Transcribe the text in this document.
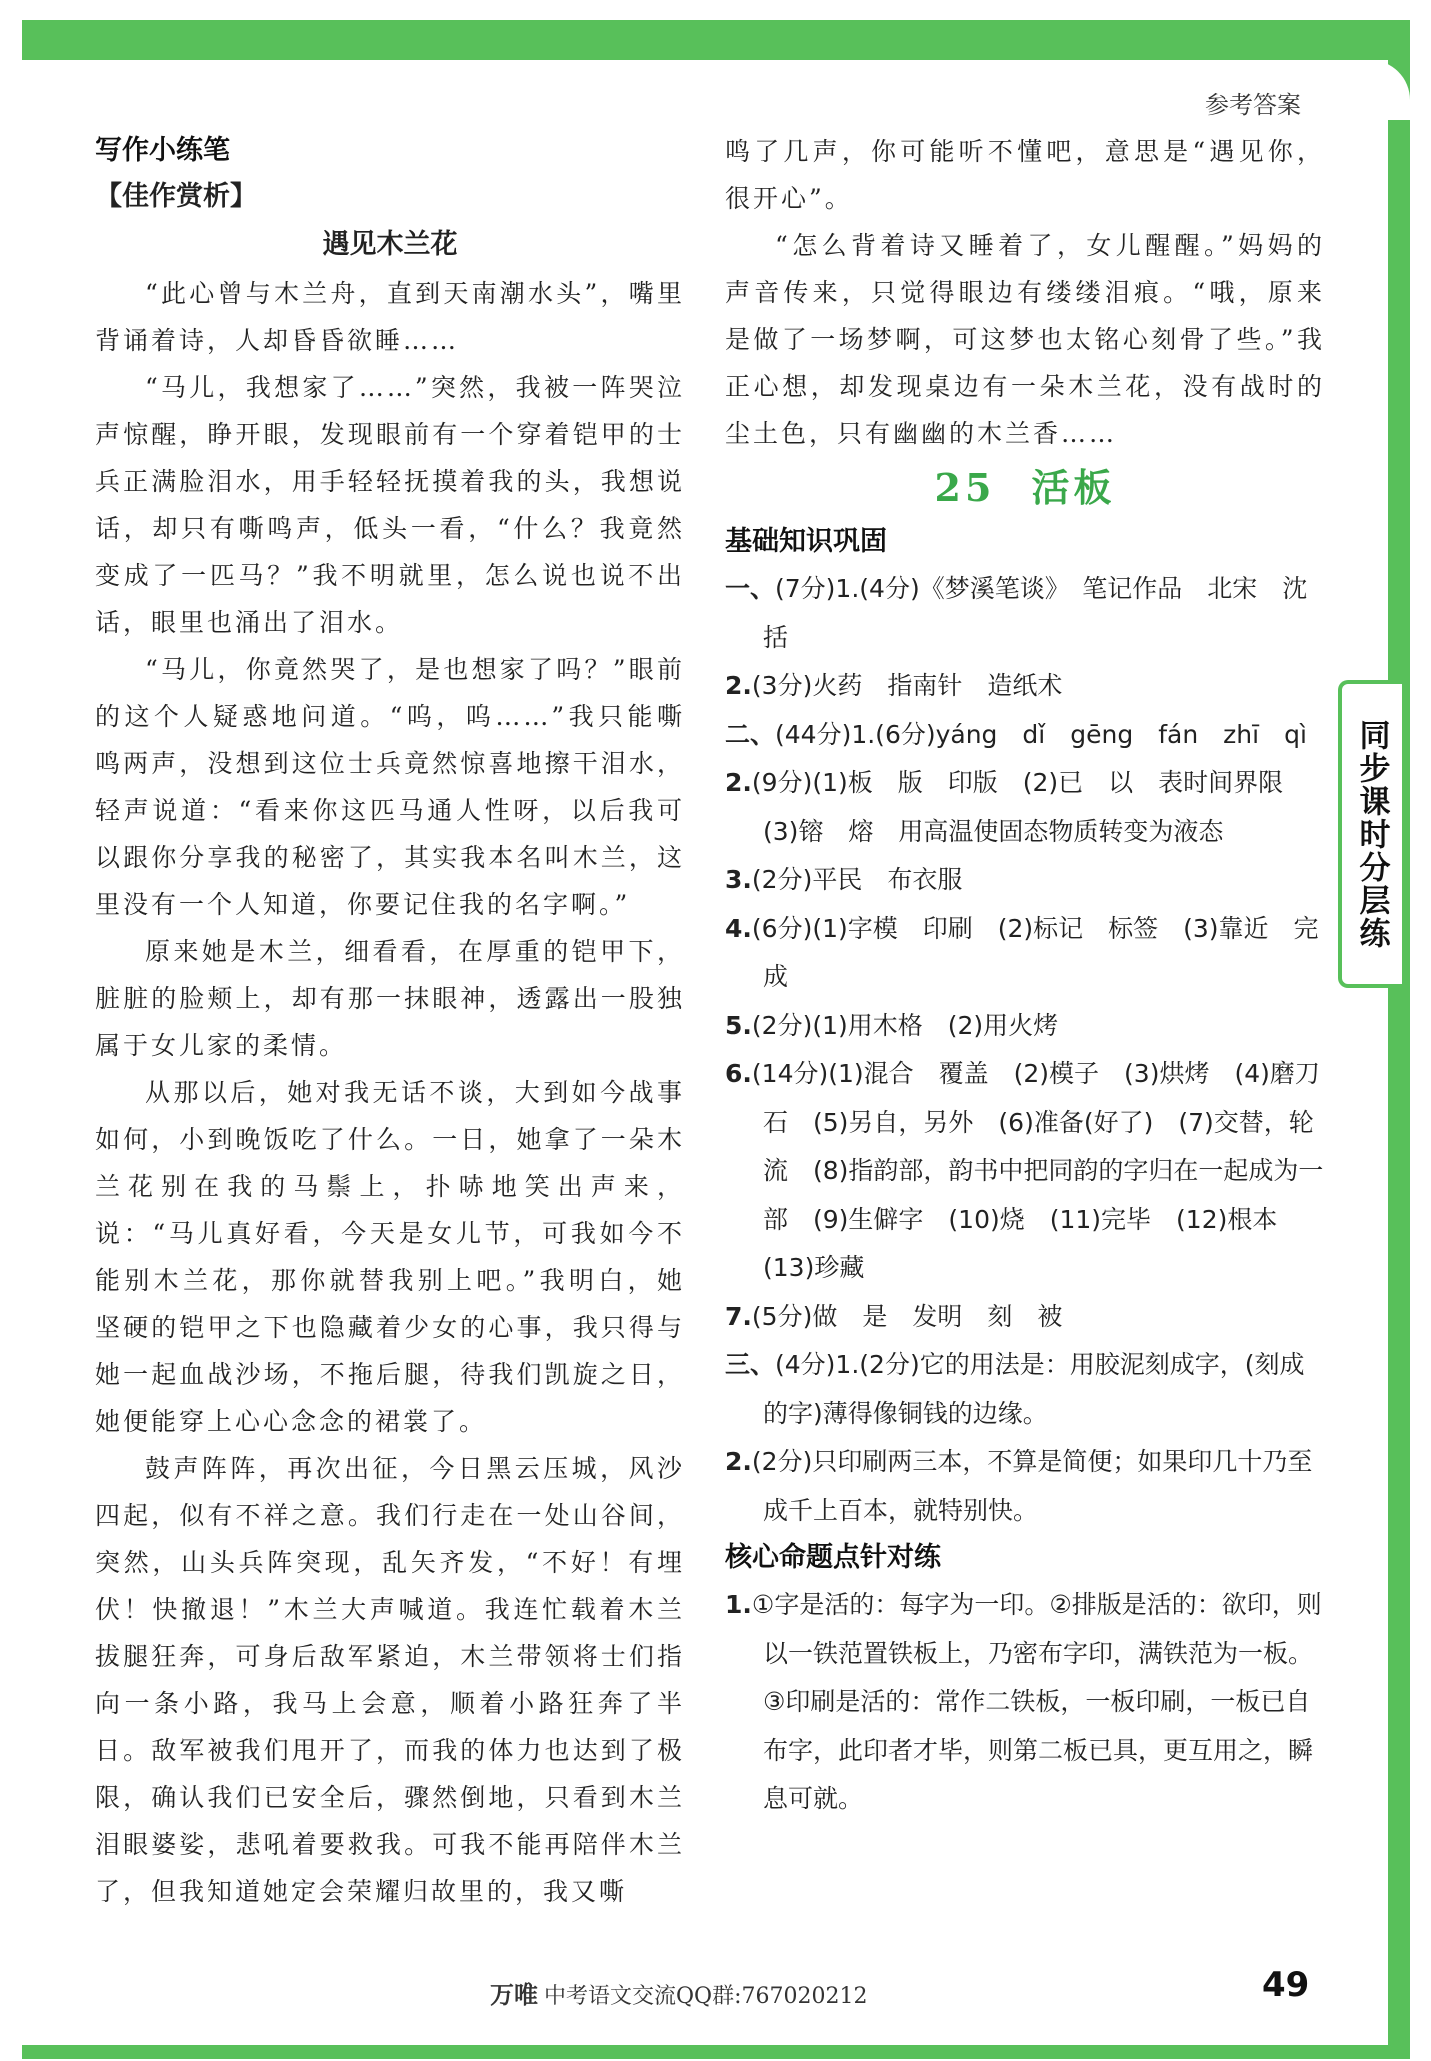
参考答案
同步课时分层练
写作小练笔
【佳作赏析】
遇见木兰花

“此心曾与木兰舟，直到天南潮水头”，嘴里背诵着诗，人却昏昏欲睡……

“马儿，我想家了……”突然，我被一阵哭泣声惊醒，睁开眼，发现眼前有一个穿着铠甲的士兵正满脸泪水，用手轻轻抚摸着我的头，我想说话，却只有嘶鸣声，低头一看，“什么？我竟然变成了一匹马？”我不明就里，怎么说也说不出话，眼里也涌出了泪水。

“马儿，你竟然哭了，是也想家了吗？”眼前的这个人疑惑地问道。“呜，呜……”我只能嘶鸣两声，没想到这位士兵竟然惊喜地擦干泪水，轻声说道：“看来你这匹马通人性呀，以后我可以跟你分享我的秘密了，其实我本名叫木兰，这里没有一个人知道，你要记住我的名字啊。”

原来她是木兰，细看看，在厚重的铠甲下，脏脏的脸颊上，却有那一抹眼神，透露出一股独属于女儿家的柔情。

从那以后，她对我无话不谈，大到如今战事如何，小到晚饭吃了什么。一日，她拿了一朵木兰花别在我的马鬃上，扑哧地笑出声来，说：“马儿真好看，今天是女儿节，可我如今不能别木兰花，那你就替我别上吧。”我明白，她坚硬的铠甲之下也隐藏着少女的心事，我只得与她一起血战沙场，不拖后腿，待我们凯旋之日，她便能穿上心心念念的裙裳了。

鼓声阵阵，再次出征，今日黑云压城，风沙四起，似有不祥之意。我们行走在一处山谷间，突然，山头兵阵突现，乱矢齐发，“不好！有埋伏！快撤退！”木兰大声喊道。我连忙载着木兰拔腿狂奔，可身后敌军紧迫，木兰带领将士们指向一条小路，我马上会意，顺着小路狂奔了半日。敌军被我们甩开了，而我的体力也达到了极限，确认我们已安全后，骤然倒地，只看到木兰泪眼婆娑，悲吼着要救我。可我不能再陪伴木兰了，但我知道她定会荣耀归故里的，我又嘶

鸣了几声，你可能听不懂吧，意思是“遇见你，很开心”。

“怎么背着诗又睡着了，女儿醒醒。”妈妈的声音传来，只觉得眼边有缕缕泪痕。“哦，原来是做了一场梦啊，可这梦也太铭心刻骨了些。”我正心想，却发现桌边有一朵木兰花，没有战时的尘土色，只有幽幽的木兰香……

25 活板
基础知识巩固
一、(7分)1.(4分)《梦溪笔谈》　笔记作品　北宋　沈括
2.(3分)火药　指南针　造纸术
二、(44分)1.(6分)yáng　dǐ　gēng　fán　zhī　qì
2.(9分)(1)板　版　印版　(2)已　以　表时间界限　(3)镕　熔　用高温使固态物质转变为液态
3.(2分)平民　布衣服
4.(6分)(1)字模　印刷　(2)标记　标签　(3)靠近　完成
5.(2分)(1)用木格　(2)用火烤
6.(14分)(1)混合　覆盖　(2)模子　(3)烘烤　(4)磨刀石　(5)另自，另外　(6)准备(好了)　(7)交替，轮流　(8)指韵部，韵书中把同韵的字归在一起成为一部　(9)生僻字　(10)烧　(11)完毕　(12)根本　(13)珍藏
7.(5分)做　是　发明　刻　被
三、(4分)1.(2分)它的用法是：用胶泥刻成字，(刻成的字)薄得像铜钱的边缘。
2.(2分)只印刷两三本，不算是简便；如果印几十乃至成千上百本，就特别快。
核心命题点针对练
1.①字是活的：每字为一印。②排版是活的：欲印，则以一铁范置铁板上，乃密布字印，满铁范为一板。③印刷是活的：常作二铁板，一板印刷，一板已自布字，此印者才毕，则第二板已具，更互用之，瞬息可就。
万唯 中考语文交流QQ群:767020212	49
